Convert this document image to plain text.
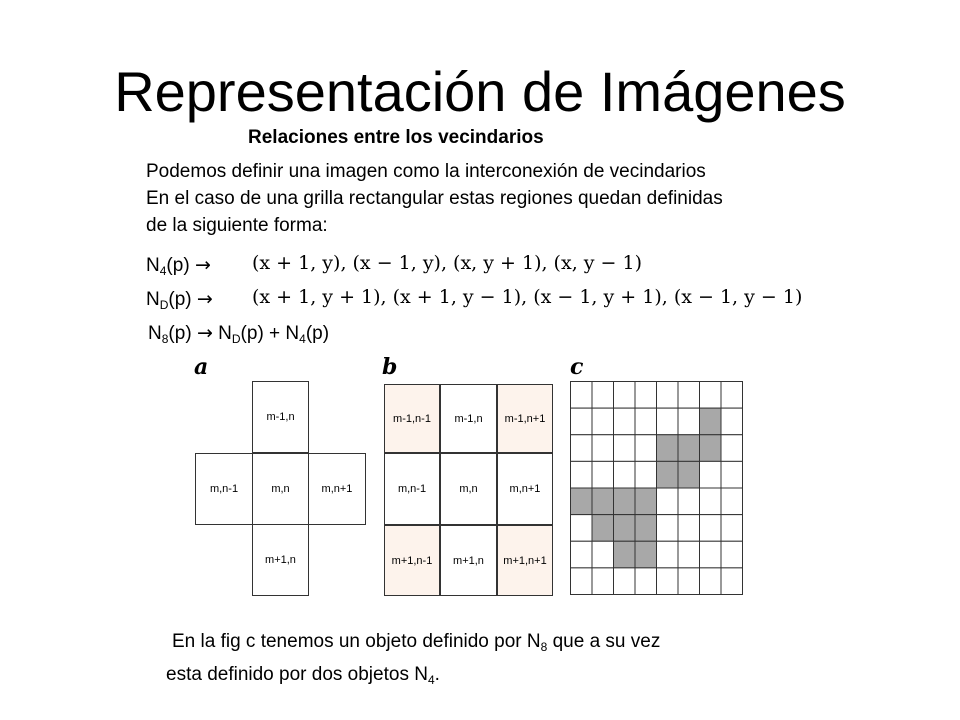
Representación de Imágenes
Relaciones entre los vecindarios
Podemos definir una imagen como la interconexión de vecindarios En el caso de una grilla rectangular estas regiones quedan definidas de la siguiente forma:
$N_4(p) \to (x + 1$, y), (x − 1, y), (x, y + 1), (x, y − 1)
$N_D(p) \to (x + 1$, y + 1), (x + 1, y − 1), (x − 1, y + 1), (x − 1, y − 1)
$N_8(p) \to N_D(p) + N_4(p)$
a	b	c
m-1,n
m,n-1	m,n	m,n+1
m+1,n
m-1,n-1	m-1,n	m-1,n+1
m,n-1	m,n	m,n+1
m+1,n-1	m+1,n	m+1,n+1
En la fig c tenemos un objeto definido por $N_8$ que a su vez
esta definido por dos objetos $N_4$.
